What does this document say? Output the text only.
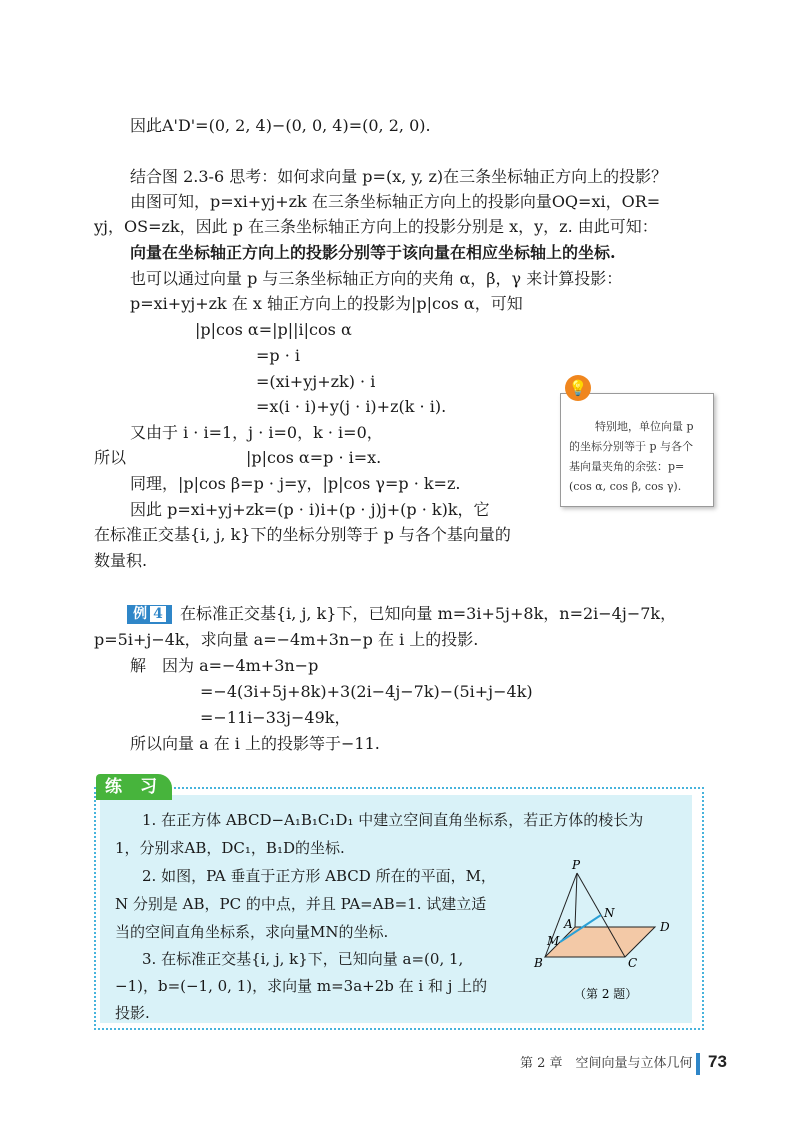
因此A'D'=(0, 2, 4)−(0, 0, 4)=(0, 2, 0).
结合图 2.3-6 思考：如何求向量 p=(x, y, z)在三条坐标轴正方向上的投影？
由图可知，p=xi+yj+zk 在三条坐标轴正方向上的投影向量OQ=xi，OR=
yj，OS=zk，因此 p 在三条坐标轴正方向上的投影分别是 x，y，z. 由此可知：
向量在坐标轴正方向上的投影分别等于该向量在相应坐标轴上的坐标.
也可以通过向量 p 与三条坐标轴正方向的夹角 α，β，γ 来计算投影：
p=xi+yj+zk 在 x 轴正方向上的投影为|p|cos α，可知
|p|cos α=|p||i|cos α
=p · i
=(xi+yj+zk) · i
=x(i · i)+y(j · i)+z(k · i).
又由于 i · i=1，j · i=0，k · i=0，
所以	|p|cos α=p · i=x.
同理，|p|cos β=p · j=y，|p|cos γ=p · k=z.
因此 p=xi+yj+zk=(p · i)i+(p · j)j+(p · k)k，它
在标准正交基{i, j, k}下的坐标分别等于 p 与各个基向量的
数量积.
特别地，单位向量 p
的坐标分别等于 p 与各个
基向量夹角的余弦：p=
(cos α, cos β, cos γ).
💡
例 4	在标准正交基{i, j, k}下，已知向量 m=3i+5j+8k，n=2i−4j−7k，
p=5i+j−4k，求向量 a=−4m+3n−p 在 i 上的投影.
解　因为 a=−4m+3n−p
=−4(3i+5j+8k)+3(2i−4j−7k)−(5i+j−4k)
=−11i−33j−49k，
所以向量 a 在 i 上的投影等于−11.
练 习
1. 在正方体 ABCD−A₁B₁C₁D₁ 中建立空间直角坐标系，若正方体的棱长为
1，分别求AB，DC₁，B₁D的坐标.
2. 如图，PA 垂直于正方形 ABCD 所在的平面，M，
N 分别是 AB，PC 的中点，并且 PA=AB=1. 试建立适
当的空间直角坐标系，求向量MN的坐标.
3. 在标准正交基{i, j, k}下，已知向量 a=(0, 1,
−1)，b=(−1, 0, 1)，求向量 m=3a+2b 在 i 和 j 上的
投影.
P
A
N
D
M
B	C
（第 2 题）
第 2 章　空间向量与立体几何 73
